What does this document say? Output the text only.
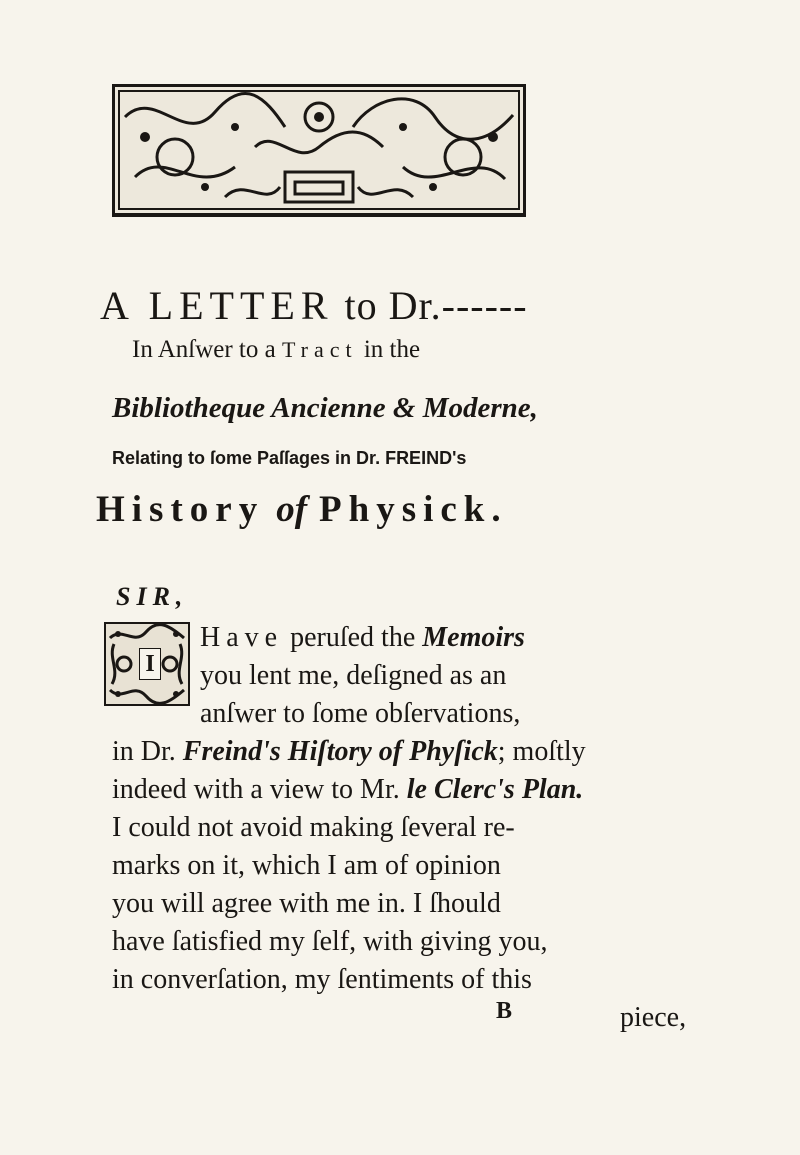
A LETTER to Dr.------
In Anſwer to a Tract in the
Bibliotheque Ancienne & Moderne,
Relating to ſome Paſſages in Dr. FREIND's
History of Physick.
SIR,
I
Have peruſed the Memoirs
you lent me, deſigned as an
anſwer to ſome obſervations,
in Dr. Freind's Hiſtory of Phyſick; moſtly
indeed with a view to Mr. le Clerc's Plan.
I could not avoid making ſeveral re-
marks on it, which I am of opinion
you will agree with me in. I ſhould
have ſatisfied my ſelf, with giving you,
in converſation, my ſentiments of this
B	piece,
